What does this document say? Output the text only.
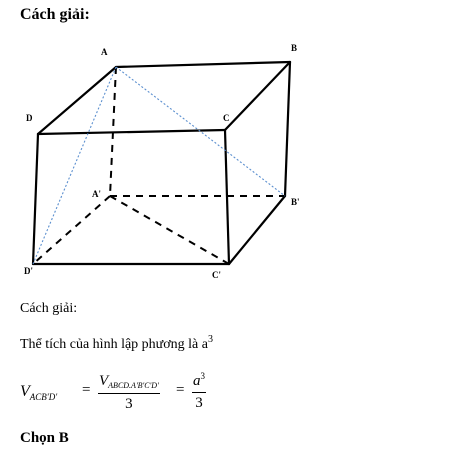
Cách giải:
A	B
C
D
A'
B'
C'
D'
Cách giải:
Thể tích của hình lập phương là $a^3$
$V_{ACB'D'}$ =
$V_{ABCD.A'B'C'D'}$
3
=
$a^3$
3
Chọn B
